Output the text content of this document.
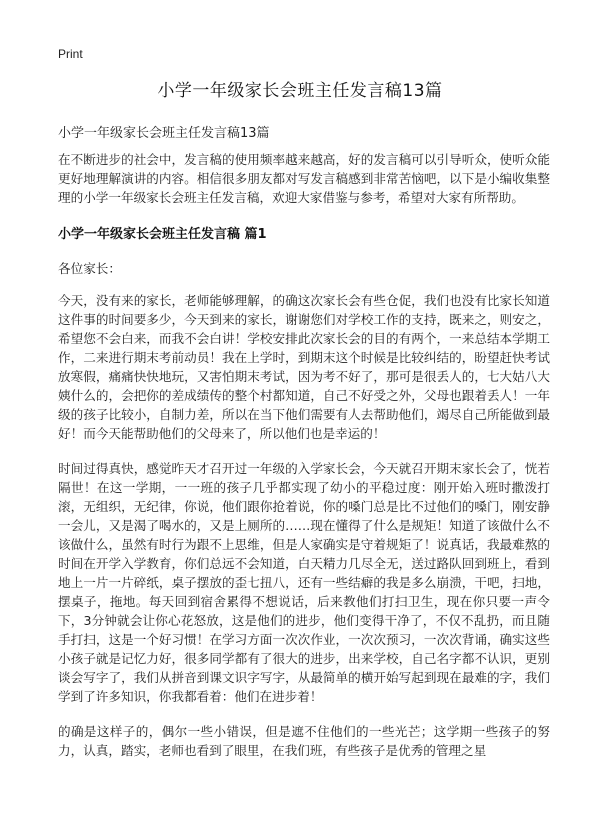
Print
小学一年级家长会班主任发言稿13篇
小学一年级家长会班主任发言稿13篇

在不断进步的社会中，发言稿的使用频率越来越高，好的发言稿可以引导听众，使听众能更好地理解演讲的内容。相信很多朋友都对写发言稿感到非常苦恼吧，以下是小编收集整理的小学一年级家长会班主任发言稿，欢迎大家借鉴与参考，希望对大家有所帮助。

小学一年级家长会班主任发言稿 篇1

各位家长：

今天，没有来的家长，老师能够理解，的确这次家长会有些仓促，我们也没有比家长知道这件事的时间要多少，今天到来的家长，谢谢您们对学校工作的支持，既来之，则安之，希望您不会白来，而我不会白讲！学校安排此次家长会的目的有两个，一来总结本学期工作，二来进行期末考前动员！我在上学时，到期末这个时候是比较纠结的，盼望赶快考试放寒假，痛痛快快地玩，又害怕期末考试，因为考不好了，那可是很丢人的，七大姑八大姨什么的，会把你的差成绩传的整个村都知道，自己不好受之外，父母也跟着丢人！一年级的孩子比较小，自制力差，所以在当下他们需要有人去帮助他们，竭尽自己所能做到最好！而今天能帮助他们的父母来了，所以他们也是幸运的！

时间过得真快，感觉昨天才召开过一年级的入学家长会，今天就召开期末家长会了，恍若隔世！在这一学期，一一班的孩子几乎都实现了幼小的平稳过度：刚开始入班时撒泼打滚，无组织，无纪律，你说，他们跟你抢着说，你的嗓门总是比不过他们的嗓门，刚安静一会儿，又是渴了喝水的，又是上厕所的……现在懂得了什么是规矩！知道了该做什么不该做什么，虽然有时行为跟不上思维，但是人家确实是守着规矩了！说真话，我最难熬的时间在开学入学教育，你们总远不会知道，白天精力几尽全无，送过路队回到班上，看到地上一片一片碎纸，桌子摆放的歪七扭八，还有一些结癖的我是多么崩溃，干吧，扫地，摆桌子，拖地。每天回到宿舍累得不想说话，后来教他们打扫卫生，现在你只要一声令下，3分钟就会让你心花怒放，这是他们的进步，他们变得干净了，不仅不乱扔，而且随手打扫，这是一个好习惯！在学习方面一次次作业，一次次预习，一次次背诵，确实这些小孩子就是记忆力好，很多同学都有了很大的进步，出来学校，自己名字都不认识，更别谈会写字了，我们从拼音到课文识字写字，从最简单的横开始写起到现在最难的字，我们学到了许多知识，你我都看着：他们在进步着！

的确是这样子的，偶尔一些小错误，但是遮不住他们的一些光芒；这学期一些孩子的努力，认真，踏实，老师也看到了眼里，在我们班，有些孩子是优秀的管理之星
